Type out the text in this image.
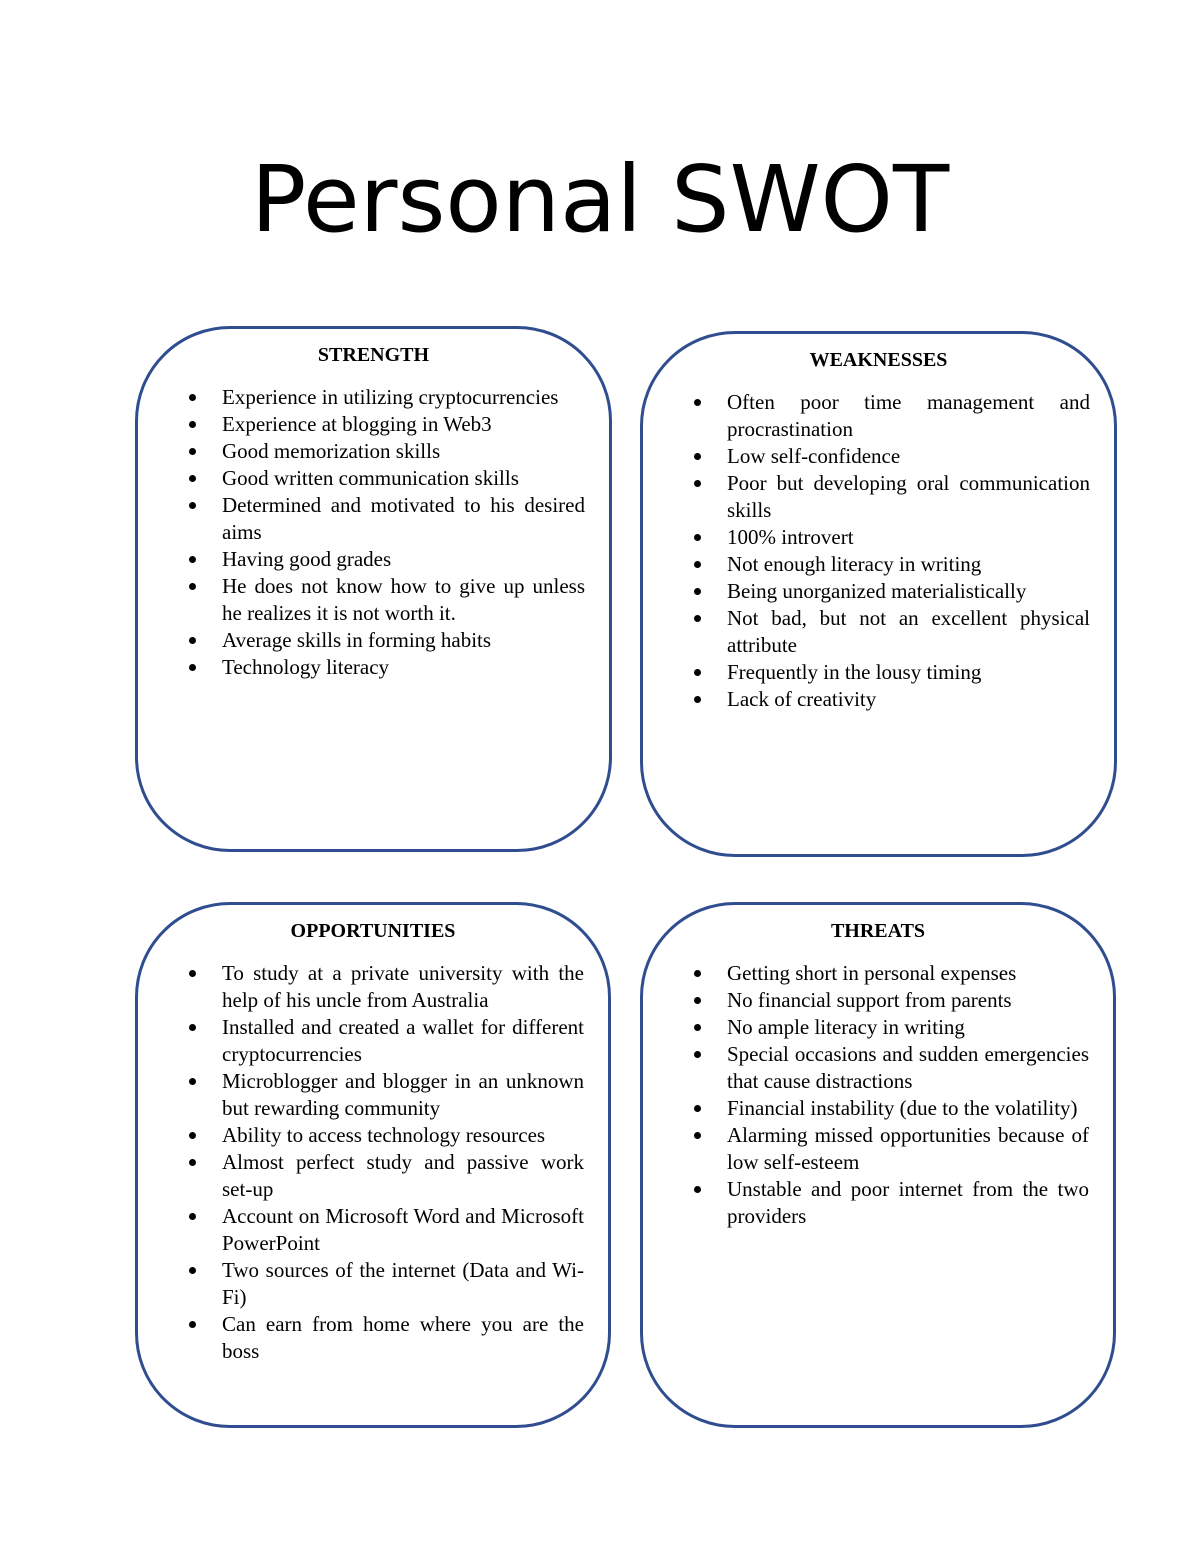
Personal SWOT
STRENGTH
Experience in utilizing cryptocurrencies
Experience at blogging in Web3
Good memorization skills
Good written communication skills
Determined and motivated to his desired aims
Having good grades
He does not know how to give up unless he realizes it is not worth it.
Average skills in forming habits
Technology literacy
WEAKNESSES
Often poor time management and procrastination
Low self-confidence
Poor but developing oral communication skills
100% introvert
Not enough literacy in writing
Being unorganized materialistically
Not bad, but not an excellent physical attribute
Frequently in the lousy timing
Lack of creativity
OPPORTUNITIES
To study at a private university with the help of his uncle from Australia
Installed and created a wallet for different cryptocurrencies
Microblogger and blogger in an unknown but rewarding community
Ability to access technology resources
Almost perfect study and passive work set-up
Account on Microsoft Word and Microsoft PowerPoint
Two sources of the internet (Data and Wi-Fi)
Can earn from home where you are the boss
THREATS
Getting short in personal expenses
No financial support from parents
No ample literacy in writing
Special occasions and sudden emergencies that cause distractions
Financial instability (due to the volatility)
Alarming missed opportunities because of low self-esteem
Unstable and poor internet from the two providers
